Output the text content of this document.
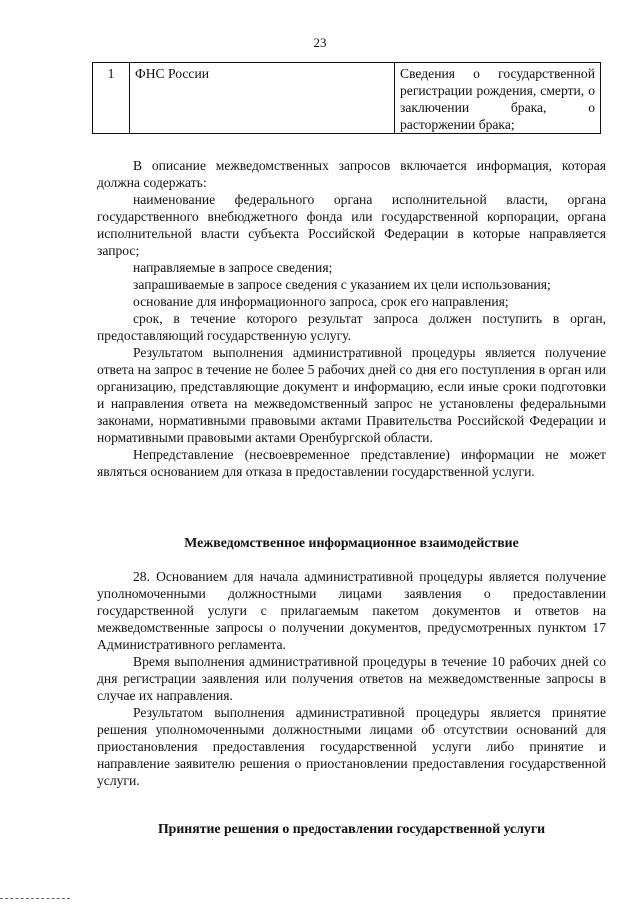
23
1	ФНС России	Сведения о государственной регистрации рождения, смерти, о заключении брака, о расторжении брака;

В описание межведомственных запросов включается информация, которая должна содержать:

наименование федерального органа исполнительной власти, органа государственного внебюджетного фонда или государственной корпорации, органа исполнительной власти субъекта Российской Федерации в которые направляется запрос;

направляемые в запросе сведения;

запрашиваемые в запросе сведения с указанием их цели использования;

основание для информационного запроса, срок его направления;

срок, в течение которого результат запроса должен поступить в орган, предоставляющий государственную услугу.

Результатом выполнения административной процедуры является получение ответа на запрос в течение не более 5 рабочих дней со дня его поступления в орган или организацию, представляющие документ и информацию, если иные сроки подготовки и направления ответа на межведомственный запрос не установлены федеральными законами, нормативными правовыми актами Правительства Российской Федерации и нормативными правовыми актами Оренбургской области.

Непредставление (несвоевременное представление) информации не может являться основанием для отказа в предоставлении государственной услуги.

Межведомственное информационное взаимодействие

28. Основанием для начала административной процедуры является получение уполномоченными должностными лицами заявления о предоставлении государственной услуги с прилагаемым пакетом документов и ответов на межведомственные запросы о получении документов, предусмотренных пунктом 17 Административного регламента.

Время выполнения административной процедуры в течение 10 рабочих дней со дня регистрации заявления или получения ответов на межведомственные запросы в случае их направления.

Результатом выполнения административной процедуры является принятие решения уполномоченными должностными лицами об отсутствии оснований для приостановления предоставления государственной услуги либо принятие и направление заявителю решения о приостановлении предоставления государственной услуги.

Принятие решения о предоставлении государственной услуги
